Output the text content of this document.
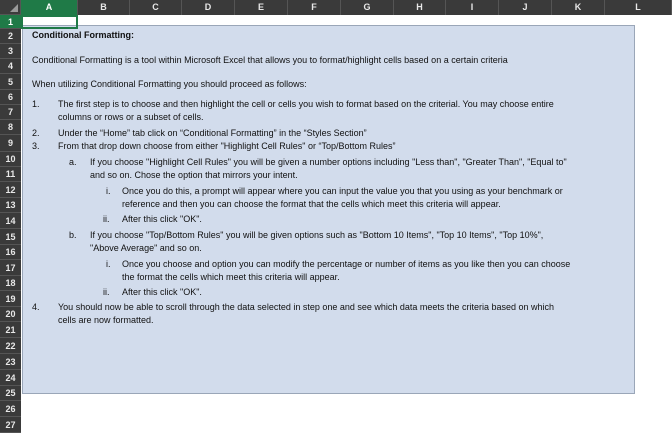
A	B	C	D	E	F	G	H	I	J	K	L
1
2
3
4
5
6
7
8
9
10
11
12
13
14
15
16
17
18
19
20
21
22
23
24
25
26
27
Conditional Formatting:
Conditional Formatting is a tool within Microsoft Excel that allows you to format/highlight cells based on a certain criteria
When utilizing Conditional Formatting you should proceed as follows:
1. The first step is to choose and then highlight the cell or cells you wish to format based on the criterial. You may choose entire
columns or rows or a subset of cells.
2. Under the “Home” tab click on “Conditional Formatting” in the “Styles Section”
3. From that drop down choose from either "Highlight Cell Rules" or “Top/Bottom Rules”
a. If you choose "Highlight Cell Rules" you will be given a number options including "Less than", "Greater Than", "Equal to"
and so on. Chose the option that mirrors your intent.
i. Once you do this, a prompt will appear where you can input the value you that you using as your benchmark or
reference and then you can choose the format that the cells which meet this criteria will appear.
ii. After this click "OK".
b. If you choose "Top/Bottom Rules" you will be given options such as "Bottom 10 Items", "Top 10 Items", "Top 10%",
"Above Average" and so on.
i. Once you choose and option you can modify the percentage or number of items as you like then you can choose
the format the cells which meet this criteria will appear.
ii. After this click "OK".
4. You should now be able to scroll through the data selected in step one and see which data meets the criteria based on which
cells are now formatted.
